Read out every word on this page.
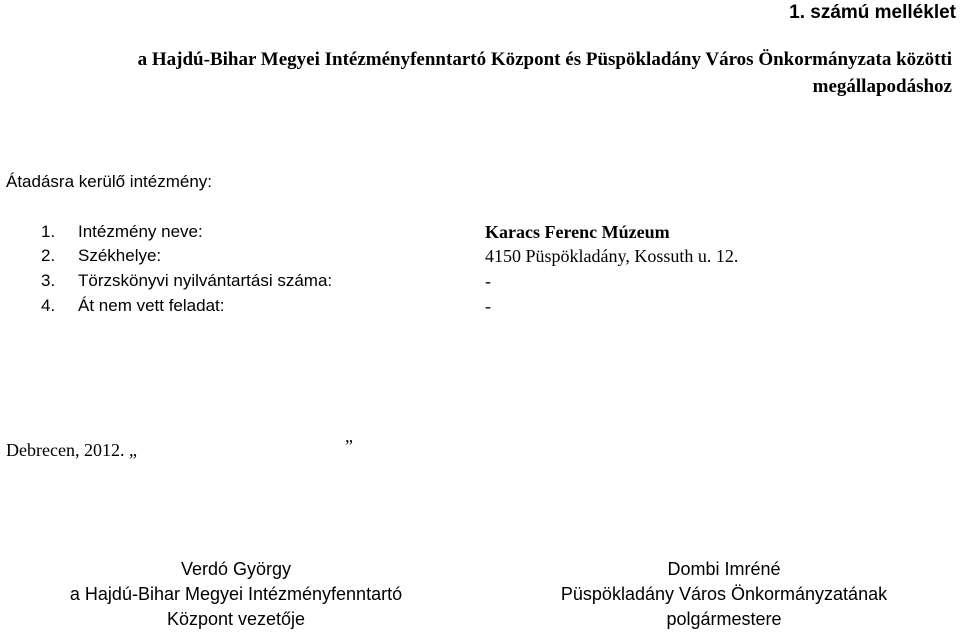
1. számú melléklet
a Hajdú-Bihar Megyei Intézményfenntartó Központ és Püspökladány Város Önkormányzata közötti
megállapodáshoz
Átadásra kerülő intézmény:
1. Intézmény neve:	Karacs Ferenc Múzeum
2. Székhelye:	4150 Püspökladány, Kossuth u. 12.
3. Törzskönyvi nyilvántartási száma:	-
4. Át nem vett feladat:	-
Debrecen, 2012. „	”
Verdó György
a Hajdú-Bihar Megyei Intézményfenntartó
Központ vezetője
Dombi Imréné
Püspökladány Város Önkormányzatának
polgármestere
